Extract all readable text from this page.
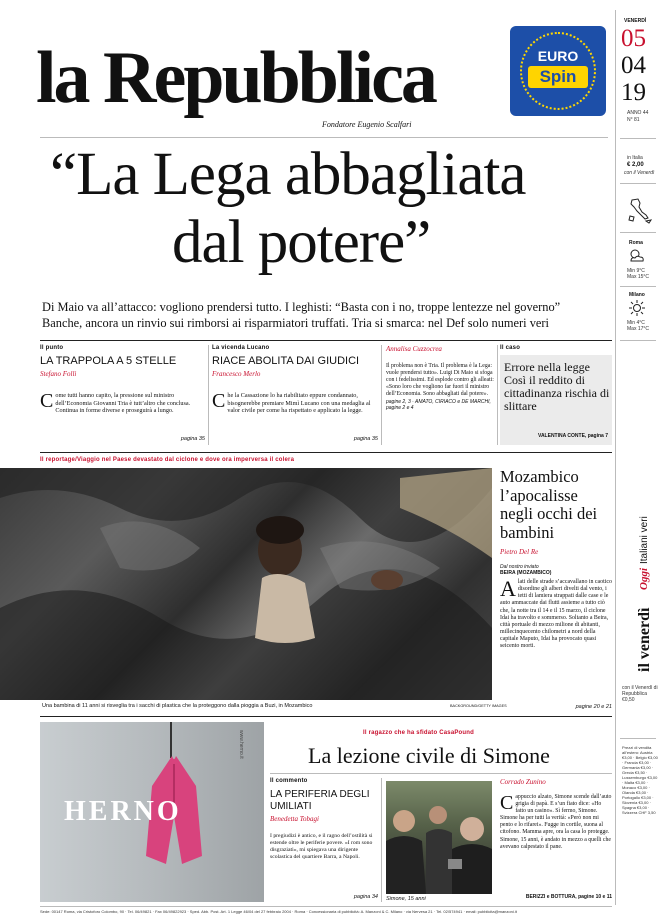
la Repubblica
Fondatore Eugenio Scalfari
EURO
Spin
VENERDÌ
05
04
19
ANNO 44
N° 81
in Italia
€ 2,00
con il Venerdì
Roma
Min 9°C
Max 15°C
Milano
Min 4°C
Max 17°C
Oggi Italiani veri
il venerdì
con il Venerdì di Repubblica €0,50
Prezzi di vendita all’estero: Austria €3,00 · Belgio €3,00 · Francia €3,00 · Germania €3,00 · Grecia €3,50 · Lussemburgo €3,00 · Malta €3,00 · Monaco €3,00 · Olanda €3,00 · Portogallo €3,00 · Slovenia €3,00 · Spagna €3,00 · Svizzera CHF 3,50
“La Lega abbagliata
dal potere”
Di Maio va all’attacco: vogliono prendersi tutto. I leghisti: “Basta con i no, troppe lentezze nel governo”
Banche, ancora un rinvio sui rimborsi ai risparmiatori truffati. Tria si smarca: nel Def solo numeri veri
Il punto
LA TRAPPOLA A 5 STELLE
Stefano Folli
C ome tutti hanno capito, la pressione sul ministro dell’Economia Giovanni Tria è tutt’altro che conclusa. Continua in forme diverse e proseguirà a lungo.
pagina 35
La vicenda Lucano
RIACE ABOLITA DAI GIUDICI
Francesco Merlo
C he la Cassazione lo ha riabilitato eppure condannato, bisognerebbe premiare Mimì Lucano con una medaglia al valor civile per come ha rispettato e applicato la legge.
pagina 35
Annalisa Cuzzocrea
Il problema non è Tria. Il problema è la Lega: vuole prendersi tutto». Luigi Di Maio si sfoga con i fedelissimi. Ed esplode contro gli alleati: «Sono loro che vogliono far fuori il ministro dell’Economia. Sono abbagliati dal potere».
pagine 2, 3 · AMATO, CIRIACO e DE MARCHI, pagine 2 e 4
Il caso
Errore nella legge Così il reddito di cittadinanza rischia di slittare
VALENTINA CONTE, pagina 7
Il reportage/Viaggio nel Paese devastato dal ciclone e dove ora imperversa il colera
Una bambina di 11 anni si risveglia tra i sacchi di plastica che la proteggono dalla pioggia a Buzi, in Mozambico	BACKGROUND/GETTY IMAGES
Mozambico l’apocalisse negli occhi dei bambini
Pietro Del Re
Dal nostro inviato
BEIRA (MOZAMBICO)
A lati delle strade s’accavallano in caotico disordine gli alberi divelti dal vento, i tetti di lamiera strappati dalle case e le auto ammaccate dai flutti assieme a tutto ciò che, la notte tra il 14 e il 15 marzo, il ciclone Idai ha travolto e sommerso. Soltanto a Beira, città portuale di mezzo milione di abitanti, millecinquecento chilometri a nord della capitale Maputo, Idai ha provocato quasi seicento morti.
pagine 20 e 21
HERNO
www.herno.it	Il ragazzo che ha sfidato CasaPound
La lezione civile di Simone
Il commento
LA PERIFERIA DEGLI UMILIATI
Benedetta Tobagi
I pregiudizi è antico, e il ragno dell’ostilità si estende oltre le periferie povere. «I rom sono disgraziati», mi spiegava una dirigente scolastica del quartiere Barra, a Napoli.
pagina 34 Simone, 15 anni
Corrado Zunino
C appuccio alzato, Simone scende dall’auto grigia di papà. E s’un fiato dice: «Ho fatto un casino». Sì fermo, Simone. Simone ha per tutti la verità: «Però non mi pento e lo rifarei». Fugge in cortile, suona al citofono. Mamma apre, ora la casa lo protegge. Simone, 15 anni, è andato in mezzo a quelli che avevano calpestato il pane.
BERIZZI e BOTTURA, pagine 10 e 11
Sede: 00147 Roma, via Cristoforo Colombo, 90 · Tel. 06/49821 · Fax 06/49822923 · Sped. Abb. Post. Art. 1 Legge 46/04 del 27 febbraio 2004 · Roma · Concessionaria di pubblicità: A. Manzoni & C. Milano · via Nervesa 21 · Tel. 02/574941 · email: pubblicita@manzoni.it
